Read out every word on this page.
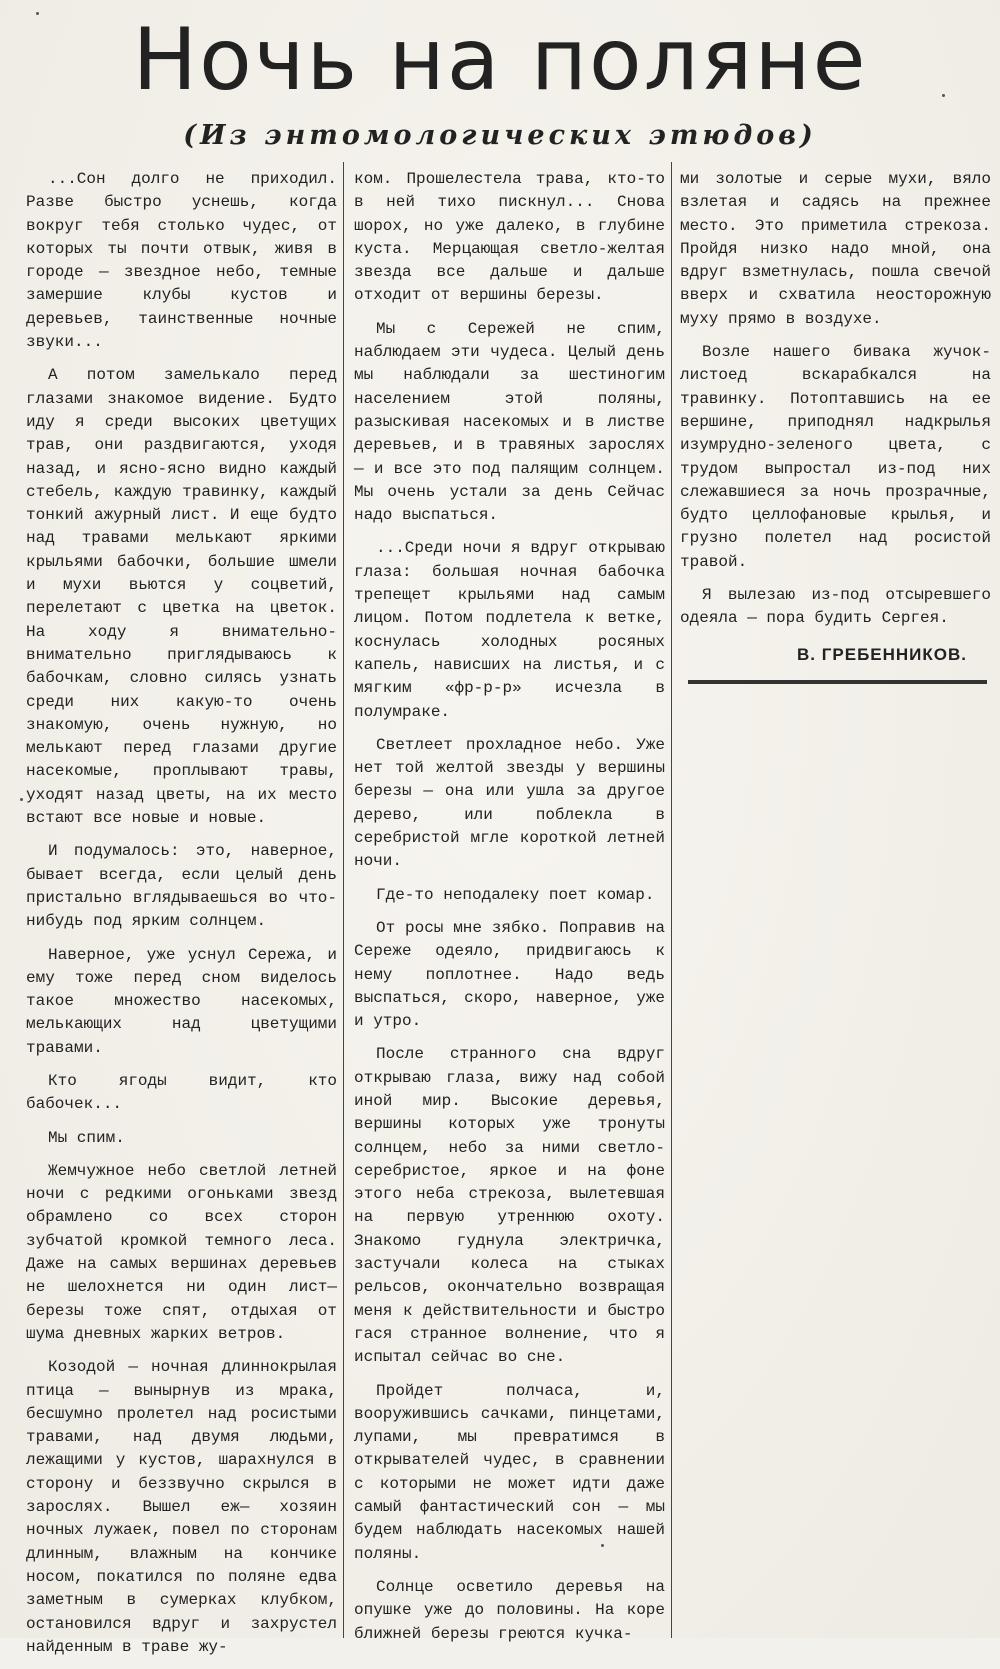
Ночь на поляне
(Из энтомологических этюдов)

...Сон долго не приходил. Разве быстро уснешь, когда вокруг тебя столько чудес, от которых ты почти отвык, живя в городе — звездное небо, темные замершие клубы кустов и деревьев, таинственные ночные звуки...

А потом замелькало перед глазами знакомое видение. Будто иду я среди высоких цветущих трав, они раздвигаются, уходя назад, и ясно-ясно видно каждый стебель, каждую травинку, каждый тонкий ажурный лист. И еще будто над травами мелькают яркими крыльями бабочки, большие шмели и мухи вьются у соцветий, перелетают с цветка на цветок. На ходу я внимательно-внимательно приглядываюсь к бабочкам, словно силясь узнать среди них какую-то очень знакомую, очень нужную, но мелькают перед глазами другие насекомые, проплывают травы, уходят назад цветы, на их место встают все новые и новые.

И подумалось: это, наверное, бывает всегда, если целый день пристально вглядываешься во что-нибудь под ярким солнцем.

Наверное, уже уснул Сережа, и ему тоже перед сном виделось такое множество насекомых, мелькающих над цветущими травами.

Кто ягоды видит, кто бабочек...

Мы спим.

Жемчужное небо светлой летней ночи с редкими огоньками звезд обрамлено со всех сторон зубчатой кромкой темного леса. Даже на самых вершинах деревьев не шелохнется ни один лист— березы тоже спят, отдыхая от шума дневных жарких ветров.

Козодой — ночная длиннокрылая птица — вынырнув из мрака, бесшумно пролетел над росистыми травами, над двумя людьми, лежащими у кустов, шарахнулся в сторону и беззвучно скрылся в зарослях. Вышел еж— хозяин ночных лужаек, повел по сторонам длинным, влажным на кончике носом, покатился по поляне едва заметным в сумерках клубком, остановился вдруг и захрустел найденным в траве жу-

ком. Прошелестела трава, кто-то в ней тихо пискнул... Снова шорох, но уже далеко, в глубине куста. Мерцающая светло-желтая звезда все дальше и дальше отходит от вершины березы.

Мы с Сережей не спим, наблюдаем эти чудеса. Целый день мы наблюдали за шестиногим населением этой поляны, разыскивая насекомых и в листве деревьев, и в травяных зарослях — и все это под палящим солнцем. Мы очень устали за день Сейчас надо выспаться.

...Среди ночи я вдруг открываю глаза: большая ночная бабочка трепещет крыльями над самым лицом. Потом подлетела к ветке, коснулась холодных росяных капель, нависших на листья, и с мягким «фр-р-р» исчезла в полумраке.

Светлеет прохладное небо. Уже нет той желтой звезды у вершины березы — она или ушла за другое дерево, или поблекла в серебристой мгле короткой летней ночи.

Где-то неподалеку поет комар.

От росы мне зябко. Поправив на Сереже одеяло, придвигаюсь к нему поплотнее. Надо ведь выспаться, скоро, наверное, уже и утро.

После странного сна вдруг открываю глаза, вижу над собой иной мир. Высокие деревья, вершины которых уже тронуты солнцем, небо за ними светло-серебристое, яркое и на фоне этого неба стрекоза, вылетевшая на первую утреннюю охоту. Знакомо гуднула электричка, застучали колеса на стыках рельсов, окончательно возвращая меня к действительности и быстро гася странное волнение, что я испытал сейчас во сне.

Пройдет полчаса, и, вооружившись сачками, пинцетами, лупами, мы превратимся в открывателей чудес, в сравнении с которыми не может идти даже самый фантастический сон — мы будем наблюдать насекомых нашей поляны.

Солнце осветило деревья на опушке уже до половины. На коре ближней березы греются кучка-

ми золотые и серые мухи, вяло взлетая и садясь на прежнее место. Это приметила стрекоза. Пройдя низко надо мной, она вдруг взметнулась, пошла свечой вверх и схватила неосторожную муху прямо в воздухе.

Возле нашего бивака жучок-листоед вскарабкался на травинку. Потоптавшись на ее вершине, приподнял надкрылья изумрудно-зеленого цвета, с трудом выпростал из-под них слежавшиеся за ночь прозрачные, будто целлофановые крылья, и грузно полетел над росистой травой.

Я вылезаю из-под отсыревшего одеяла — пора будить Сергея.

В. ГРЕБЕННИКОВ.
